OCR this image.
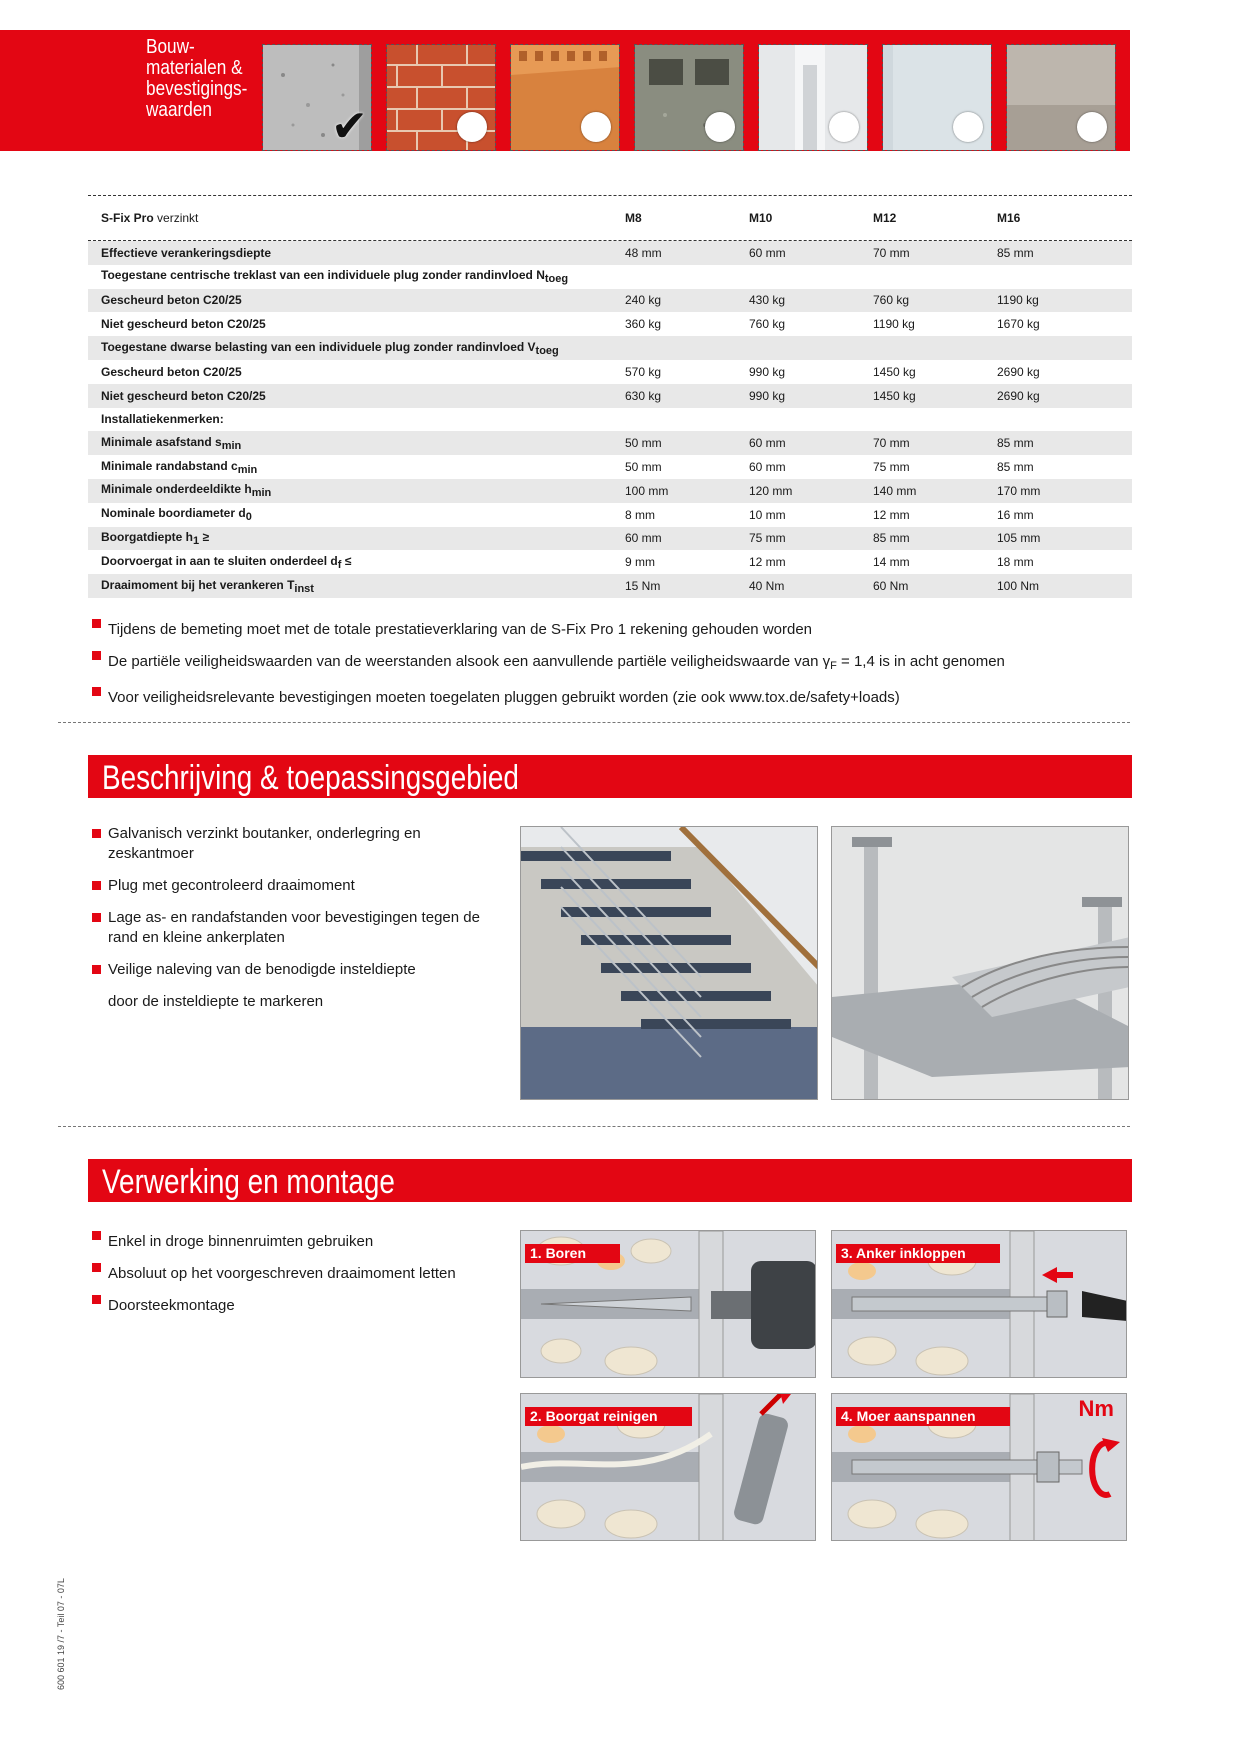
Bouw-
materialen &
bevestigings-
waarden	✔
S-Fix Pro verzinkt	M8	M10	M12	M16
Effectieve verankeringsdiepte	48 mm	60 mm	70 mm	85 mm
Toegestane centrische treklast van een individuele plug zonder randinvloed Ntoeg
Gescheurd beton C20/25	240 kg	430 kg	760 kg	1190 kg
Niet gescheurd beton C20/25	360 kg	760 kg	1190 kg	1670 kg
Toegestane dwarse belasting van een individuele plug zonder randinvloed Vtoeg
Gescheurd beton C20/25	570 kg	990 kg	1450 kg	2690 kg
Niet gescheurd beton C20/25	630 kg	990 kg	1450 kg	2690 kg
Installatiekenmerken:
Minimale asafstand smin	50 mm	60 mm	70 mm	85 mm
Minimale randabstand cmin	50 mm	60 mm	75 mm	85 mm
Minimale onderdeeldikte hmin	100 mm	120 mm	140 mm	170 mm
Nominale boordiameter d0	8 mm	10 mm	12 mm	16 mm
Boorgatdiepte h1 ≥	60 mm	75 mm	85 mm	105 mm
Doorvoergat in aan te sluiten onderdeel df ≤	9 mm	12 mm	14 mm	18 mm
Draaimoment bij het verankeren Tinst	15 Nm	40 Nm	60 Nm	100 Nm
Tijdens de bemeting moet met de totale prestatieverklaring van de S-Fix Pro 1 rekening gehouden worden
De partiële veiligheidswaarden van de weerstanden alsook een aanvullende partiële veiligheidswaarde van $\gamma_F = 1,4$ is in acht genomen
Voor veiligheidsrelevante bevestigingen moeten toegelaten pluggen gebruikt worden (zie ook www.tox.de/safety+loads)
Beschrijving & toepassingsgebied
Galvanisch verzinkt boutanker, onderlegring en zeskantmoer
Plug met gecontroleerd draaimoment
Lage as- en randafstanden voor bevestigingen tegen de rand en kleine ankerplaten
Veilige naleving van de benodigde insteldiepte
door de insteldiepte te markeren
Verwerking en montage
Enkel in droge binnenruimten gebruiken
Absoluut op het voorgeschreven draaimoment letten
Doorsteekmontage
1. Boren
2. Boorgat reinigen
3. Anker inkloppen
4. Moer aanspannen	Nm
600 601 19 /7 - Teil 07 - 07L
